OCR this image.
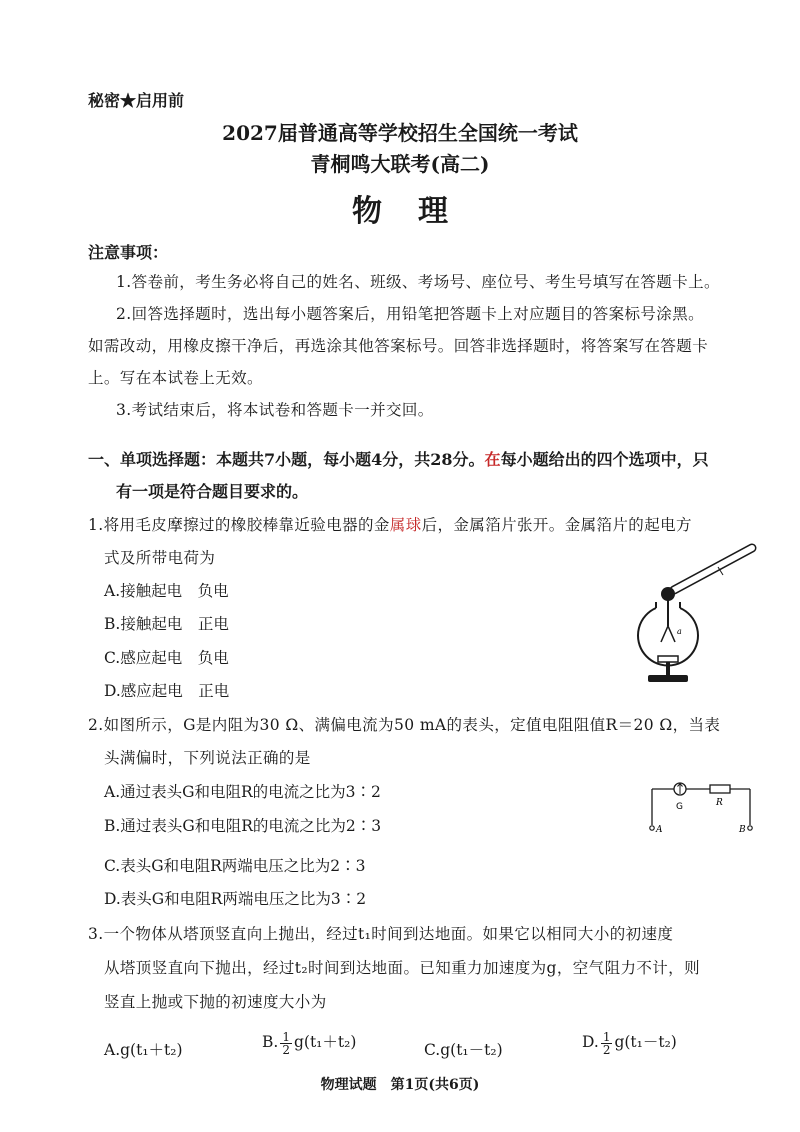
秘密★启用前
2027届普通高等学校招生全国统一考试
青桐鸣大联考(高二)
物理
注意事项：
1.答卷前，考生务必将自己的姓名、班级、考场号、座位号、考生号填写在答题卡上。
2.回答选择题时，选出每小题答案后，用铅笔把答题卡上对应题目的答案标号涂黑。
如需改动，用橡皮擦干净后，再选涂其他答案标号。回答非选择题时，将答案写在答题卡
上。写在本试卷上无效。
3.考试结束后，将本试卷和答题卡一并交回。
一、单项选择题：本题共7小题，每小题4分，共28分。在每小题给出的四个选项中，只
有一项是符合题目要求的。
1.将用毛皮摩擦过的橡胶棒靠近验电器的金属球后，金属箔片张开。金属箔片的起电方
式及所带电荷为
A.接触起电　负电
B.接触起电　正电
C.感应起电　负电
D.感应起电　正电
a
2.如图所示，G是内阻为30 Ω、满偏电流为50 mA的表头，定值电阻阻值R＝20 Ω，当表
头满偏时，下列说法正确的是
A.通过表头G和电阻R的电流之比为3∶2
B.通过表头G和电阻R的电流之比为2∶3
C.表头G和电阻R两端电压之比为2∶3
D.表头G和电阻R两端电压之比为3∶2
G	R
A	B
3.一个物体从塔顶竖直向上抛出，经过t₁时间到达地面。如果它以相同大小的初速度
从塔顶竖直向下抛出，经过t₂时间到达地面。已知重力加速度为g，空气阻力不计，则
竖直上抛或下抛的初速度大小为
A.g(t₁＋t₂)	B. $\frac{1}{2} g(t_1+t_2)$	C.g(t₁－t₂)	D. $\frac{1}{2} g(t_1-t_2)$
物理试题　第1页(共6页)
